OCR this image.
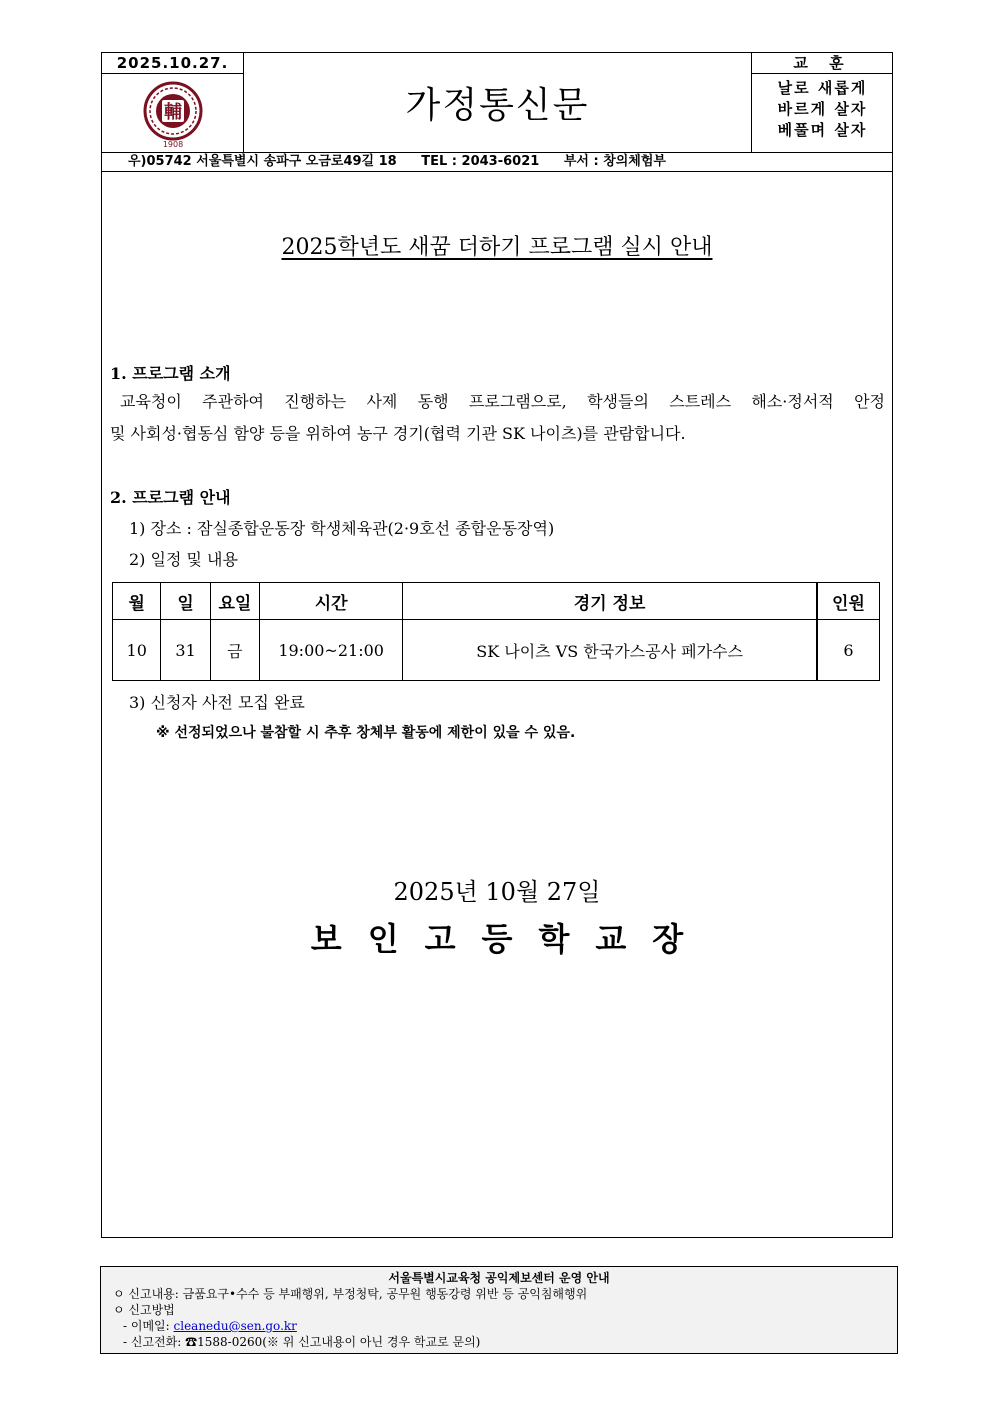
2025.10.27.
輔
1908
가정통신문
교 훈
날로 새롭게
바르게 살자
베풀며 살자
우)05742 서울특별시 송파구 오금로49길 18 TEL : 2043-6021 부서 : 창의체험부
2025학년도 새꿈 더하기 프로그램 실시 안내
1. 프로그램 소개
교육청이 주관하여 진행하는 사제 동행 프로그램으로, 학생들의 스트레스 해소·정서적 안정
및 사회성·협동심 함양 등을 위하여 농구 경기(협력 기관 SK 나이츠)를 관람합니다.
2. 프로그램 안내
1) 장소 : 잠실종합운동장 학생체육관(2·9호선 종합운동장역)
2) 일정 및 내용
월	일	요일	시간	경기 정보	인원
10	31	금	19:00~21:00	SK 나이츠 VS 한국가스공사 페가수스	6
3) 신청자 사전 모집 완료
※ 선정되었으나 불참할 시 추후 창체부 활동에 제한이 있을 수 있음.
2025년 10월 27일
보인고등학교장
서울특별시교육청 공익제보센터 운영 안내
ㅇ 신고내용: 금품요구•수수 등 부패행위, 부정청탁, 공무원 행동강령 위반 등 공익침해행위
ㅇ 신고방법
- 이메일: cleanedu@sen.go.kr
- 신고전화: ☎1588-0260(※ 위 신고내용이 아닌 경우 학교로 문의)
